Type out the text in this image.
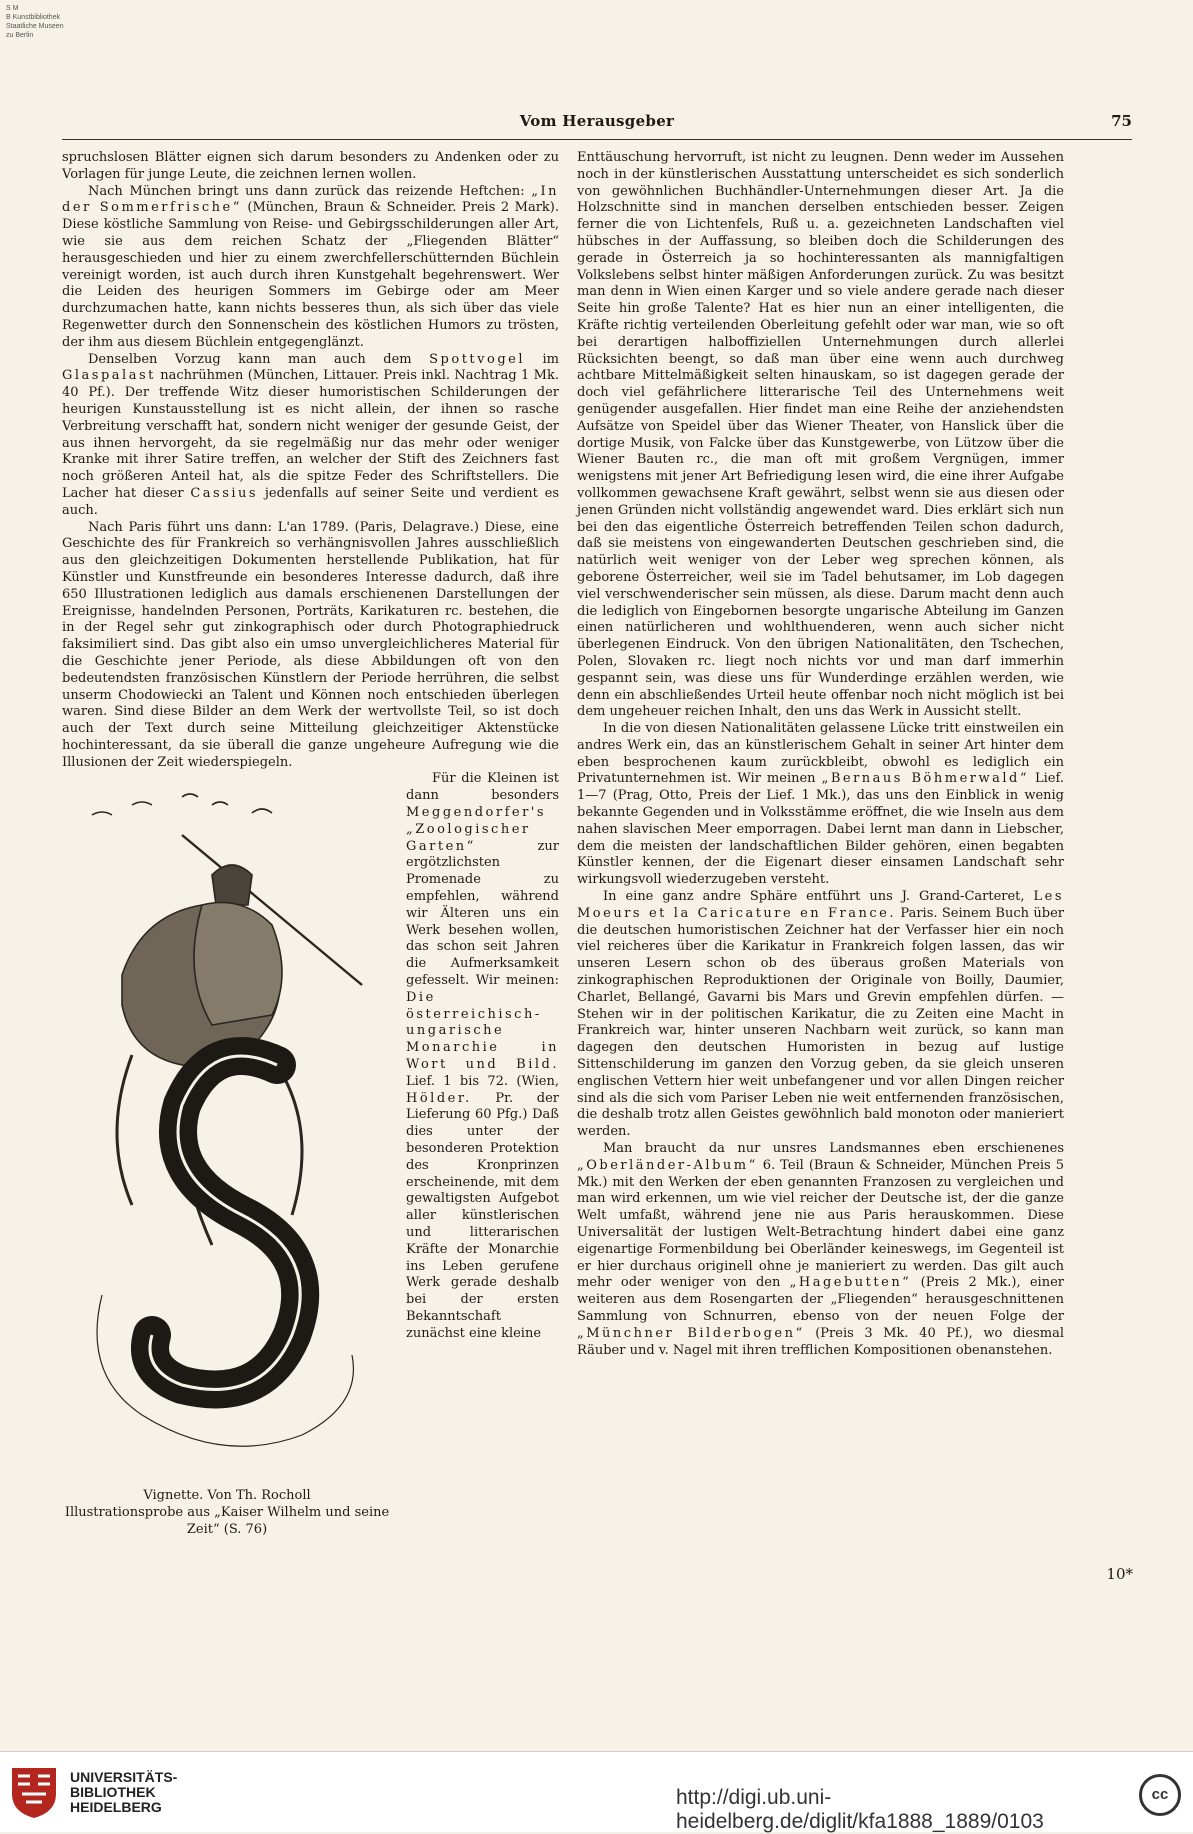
S M
B Kunstbibliothek
Staatliche Museen
zu Berlin
Vom Herausgeber	75

spruchslosen Blätter eignen sich darum besonders zu Andenken oder zu Vorlagen für junge Leute, die zeichnen lernen wollen.

Nach München bringt uns dann zurück das reizende Heftchen: „In der Sommerfrische“ (München, Braun & Schneider. Preis 2 Mark). Diese köstliche Sammlung von Reise- und Gebirgsschilderungen aller Art, wie sie aus dem reichen Schatz der „Fliegenden Blätter“ herausgeschieden und hier zu einem zwerchfellerschütternden Büchlein vereinigt worden, ist auch durch ihren Kunstgehalt begehrenswert. Wer die Leiden des heurigen Sommers im Gebirge oder am Meer durchzumachen hatte, kann nichts besseres thun, als sich über das viele Regenwetter durch den Sonnenschein des köstlichen Humors zu trösten, der ihm aus diesem Büchlein entgegenglänzt.

Denselben Vorzug kann man auch dem Spottvogel im Glaspalast nachrühmen (München, Littauer. Preis inkl. Nachtrag 1 Mk. 40 Pf.). Der treffende Witz dieser humoristischen Schilderungen der heurigen Kunstausstellung ist es nicht allein, der ihnen so rasche Verbreitung verschafft hat, sondern nicht weniger der gesunde Geist, der aus ihnen hervorgeht, da sie regelmäßig nur das mehr oder weniger Kranke mit ihrer Satire treffen, an welcher der Stift des Zeichners fast noch größeren Anteil hat, als die spitze Feder des Schriftstellers. Die Lacher hat dieser Cassius jedenfalls auf seiner Seite und verdient es auch.

Nach Paris führt uns dann: L'an 1789. (Paris, Delagrave.) Diese, eine Geschichte des für Frankreich so verhängnisvollen Jahres ausschließlich aus den gleichzeitigen Dokumenten herstellende Publikation, hat für Künstler und Kunstfreunde ein besonderes Interesse dadurch, daß ihre 650 Illustrationen lediglich aus damals erschienenen Darstellungen der Ereignisse, handelnden Personen, Porträts, Karikaturen rc. bestehen, die in der Regel sehr gut zinkographisch oder durch Photographiedruck faksimiliert sind. Das gibt also ein umso unvergleichlicheres Material für die Geschichte jener Periode, als diese Abbildungen oft von den bedeutendsten französischen Künstlern der Periode herrühren, die selbst unserm Chodowiecki an Talent und Können noch entschieden überlegen waren. Sind diese Bilder an dem Werk der wertvollste Teil, so ist doch auch der Text durch seine Mitteilung gleichzeitiger Aktenstücke hochinteressant, da sie überall die ganze ungeheure Aufregung wie die Illusionen der Zeit wiederspiegeln.

Vignette. Von Th. Rocholl
Illustrationsprobe aus „Kaiser Wilhelm und seine Zeit“ (S. 76)

Für die Kleinen ist dann besonders Meggendorfer's „Zoologischer Garten“ zur ergötzlichsten Promenade zu empfehlen, während wir Älteren uns ein Werk besehen wollen, das schon seit Jahren die Aufmerksamkeit gefesselt. Wir meinen: Die österreichisch-ungarische Monarchie in Wort und Bild. Lief. 1 bis 72. (Wien, Hölder. Pr. der Lieferung 60 Pfg.) Daß dies unter der besonderen Protektion des Kronprinzen erscheinende, mit dem gewaltigsten Aufgebot aller künstlerischen und litterarischen Kräfte der Monarchie ins Leben gerufene Werk gerade deshalb bei der ersten Bekanntschaft zunächst eine kleine

Enttäuschung hervorruft, ist nicht zu leugnen. Denn weder im Aussehen noch in der künstlerischen Ausstattung unterscheidet es sich sonderlich von gewöhnlichen Buchhändler-Unternehmungen dieser Art. Ja die Holzschnitte sind in manchen derselben entschieden besser. Zeigen ferner die von Lichtenfels, Ruß u. a. gezeichneten Landschaften viel hübsches in der Auffassung, so bleiben doch die Schilderungen des gerade in Österreich ja so hochinteressanten als mannigfaltigen Volkslebens selbst hinter mäßigen Anforderungen zurück. Zu was besitzt man denn in Wien einen Karger und so viele andere gerade nach dieser Seite hin große Talente? Hat es hier nun an einer intelligenten, die Kräfte richtig verteilenden Oberleitung gefehlt oder war man, wie so oft bei derartigen halboffiziellen Unternehmungen durch allerlei Rücksichten beengt, so daß man über eine wenn auch durchweg achtbare Mittelmäßigkeit selten hinauskam, so ist dagegen gerade der doch viel gefährlichere litterarische Teil des Unternehmens weit genügender ausgefallen. Hier findet man eine Reihe der anziehendsten Aufsätze von Speidel über das Wiener Theater, von Hanslick über die dortige Musik, von Falcke über das Kunstgewerbe, von Lützow über die Wiener Bauten rc., die man oft mit großem Vergnügen, immer wenigstens mit jener Art Befriedigung lesen wird, die eine ihrer Aufgabe vollkommen gewachsene Kraft gewährt, selbst wenn sie aus diesen oder jenen Gründen nicht vollständig angewendet ward. Dies erklärt sich nun bei den das eigentliche Österreich betreffenden Teilen schon dadurch, daß sie meistens von eingewanderten Deutschen geschrieben sind, die natürlich weit weniger von der Leber weg sprechen können, als geborene Österreicher, weil sie im Tadel behutsamer, im Lob dagegen viel verschwenderischer sein müssen, als diese. Darum macht denn auch die lediglich von Eingebornen besorgte ungarische Abteilung im Ganzen einen natürlicheren und wohlthuenderen, wenn auch sicher nicht überlegenen Eindruck. Von den übrigen Nationalitäten, den Tschechen, Polen, Slovaken rc. liegt noch nichts vor und man darf immerhin gespannt sein, was diese uns für Wunderdinge erzählen werden, wie denn ein abschließendes Urteil heute offenbar noch nicht möglich ist bei dem ungeheuer reichen Inhalt, den uns das Werk in Aussicht stellt.

In die von diesen Nationalitäten gelassene Lücke tritt einstweilen ein andres Werk ein, das an künstlerischem Gehalt in seiner Art hinter dem eben besprochenen kaum zurückbleibt, obwohl es lediglich ein Privatunternehmen ist. Wir meinen „Bernaus Böhmerwald“ Lief. 1—7 (Prag, Otto, Preis der Lief. 1 Mk.), das uns den Einblick in wenig bekannte Gegenden und in Volksstämme eröffnet, die wie Inseln aus dem nahen slavischen Meer emporragen. Dabei lernt man dann in Liebscher, dem die meisten der landschaftlichen Bilder gehören, einen begabten Künstler kennen, der die Eigenart dieser einsamen Landschaft sehr wirkungsvoll wiederzugeben versteht.

In eine ganz andre Sphäre entführt uns J. Grand-Carteret, Les Moeurs et la Caricature en France. Paris. Seinem Buch über die deutschen humoristischen Zeichner hat der Verfasser hier ein noch viel reicheres über die Karikatur in Frankreich folgen lassen, das wir unseren Lesern schon ob des überaus großen Materials von zinkographischen Reproduktionen der Originale von Boilly, Daumier, Charlet, Bellangé, Gavarni bis Mars und Grevin empfehlen dürfen. — Stehen wir in der politischen Karikatur, die zu Zeiten eine Macht in Frankreich war, hinter unseren Nachbarn weit zurück, so kann man dagegen den deutschen Humoristen in bezug auf lustige Sittenschilderung im ganzen den Vorzug geben, da sie gleich unseren englischen Vettern hier weit unbefangener und vor allen Dingen reicher sind als die sich vom Pariser Leben nie weit entfernenden französischen, die deshalb trotz allen Geistes gewöhnlich bald monoton oder manieriert werden.

Man braucht da nur unsres Landsmannes eben erschienenes „Oberländer-Album“ 6. Teil (Braun & Schneider, München Preis 5 Mk.) mit den Werken der eben genannten Franzosen zu vergleichen und man wird erkennen, um wie viel reicher der Deutsche ist, der die ganze Welt umfaßt, während jene nie aus Paris herauskommen. Diese Universalität der lustigen Welt-Betrachtung hindert dabei eine ganz eigenartige Formenbildung bei Oberländer keineswegs, im Gegenteil ist er hier durchaus originell ohne je manieriert zu werden. Das gilt auch mehr oder weniger von den „Hagebutten“ (Preis 2 Mk.), einer weiteren aus dem Rosengarten der „Fliegenden“ herausgeschnittenen Sammlung von Schnurren, ebenso von der neuen Folge der „Münchner Bilderbogen“ (Preis 3 Mk. 40 Pf.), wo diesmal Räuber und v. Nagel mit ihren trefflichen Kompositionen obenanstehen.

10*
UNIVERSITÄTS-
BIBLIOTHEK
HEIDELBERG	http://digi.ub.uni-heidelberg.de/diglit/kfa1888_1889/0103
cc
